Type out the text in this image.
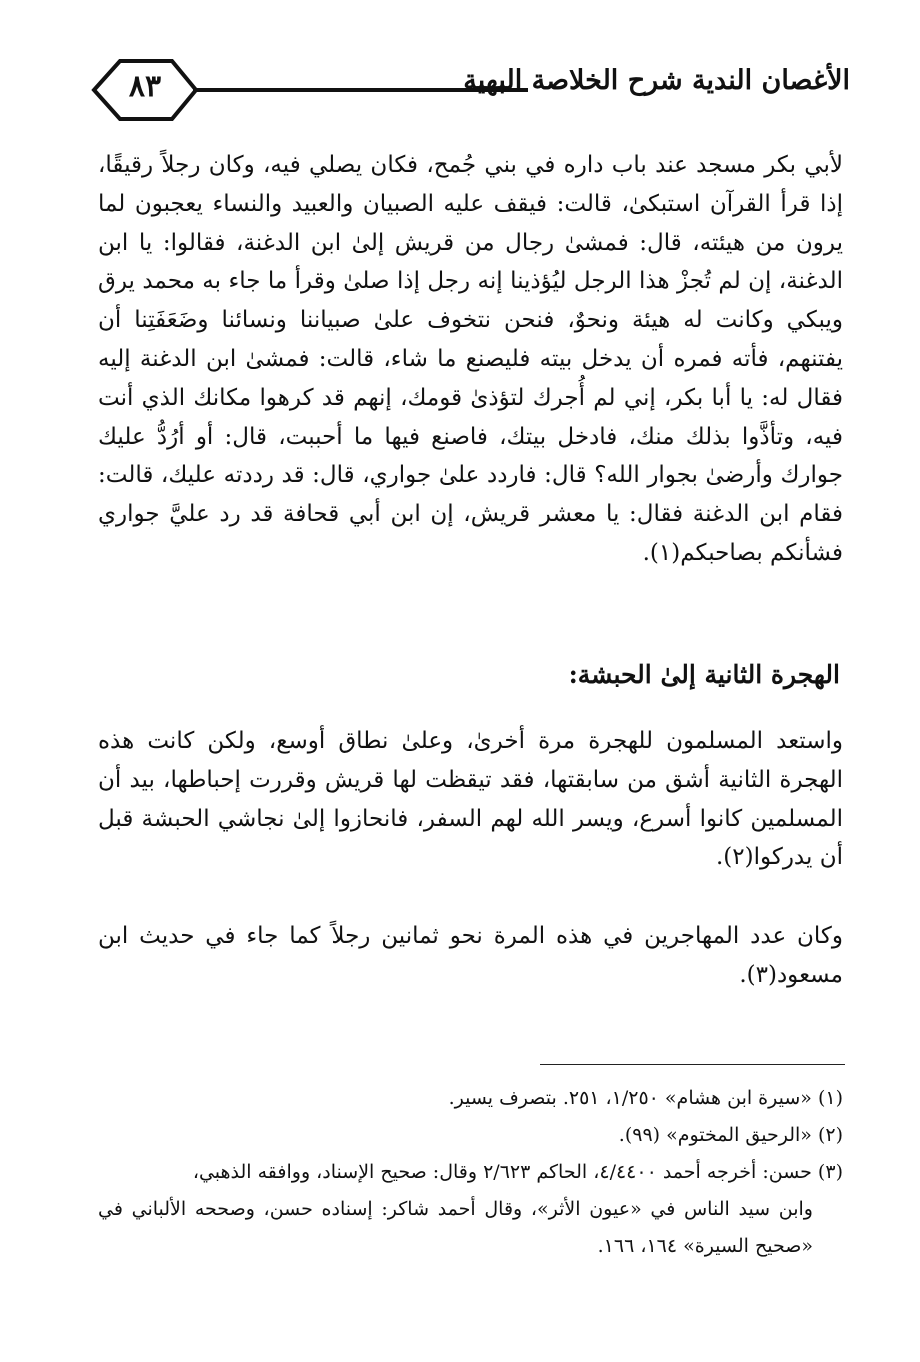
٨٣	الأغصان الندية شرح الخلاصة البهية

لأبي بكر مسجد عند باب داره في بني جُمح، فكان يصلي فيه، وكان رجلاً رقيقًا، إذا قرأ القرآن استبكىٰ، قالت: فيقف عليه الصبيان والعبيد والنساء يعجبون لما يرون من هيئته، قال: فمشىٰ رجال من قريش إلىٰ ابن الدغنة، فقالوا: يا ابن الدغنة، إن لم تُجزْ هذا الرجل ليُؤذينا إنه رجل إذا صلىٰ وقرأ ما جاء به محمد يرق ويبكي وكانت له هيئة ونحوٌ، فنحن نتخوف علىٰ صبياننا ونسائنا وضَعَفَتِنا أن يفتنهم، فأته فمره أن يدخل بيته فليصنع ما شاء، قالت: فمشىٰ ابن الدغنة إليه فقال له: يا أبا بكر، إني لم أُجرك لتؤذىٰ قومك، إنهم قد كرهوا مكانك الذي أنت فيه، وتأذَّوا بذلك منك، فادخل بيتك، فاصنع فيها ما أحببت، قال: أو أرُدُّ عليك جوارك وأرضىٰ بجوار الله؟ قال: فاردد علىٰ جواري، قال: قد رددته عليك، قالت: فقام ابن الدغنة فقال: يا معشر قريش، إن ابن أبي قحافة قد رد عليَّ جواري فشأنكم بصاحبكم(١).

الهجرة الثانية إلىٰ الحبشة:

واستعد المسلمون للهجرة مرة أخرىٰ، وعلىٰ نطاق أوسع، ولكن كانت هذه الهجرة الثانية أشق من سابقتها، فقد تيقظت لها قريش وقررت إحباطها، بيد أن المسلمين كانوا أسرع، ويسر الله لهم السفر، فانحازوا إلىٰ نجاشي الحبشة قبل أن يدركوا(٢).

وكان عدد المهاجرين في هذه المرة نحو ثمانين رجلاً كما جاء في حديث ابن مسعود(٣).

(١) «سيرة ابن هشام» ١/٢٥٠، ٢٥١. بتصرف يسير.

(٢) «الرحيق المختوم» (٩٩).

(٣) حسن: أخرجه أحمد ٤/٤٤٠٠، الحاكم ٢/٦٢٣ وقال: صحيح الإسناد، ووافقه الذهبي،

وابن سيد الناس في «عيون الأثر»، وقال أحمد شاكر: إسناده حسن، وصححه الألباني في «صحيح السيرة» ١٦٤، ١٦٦.
